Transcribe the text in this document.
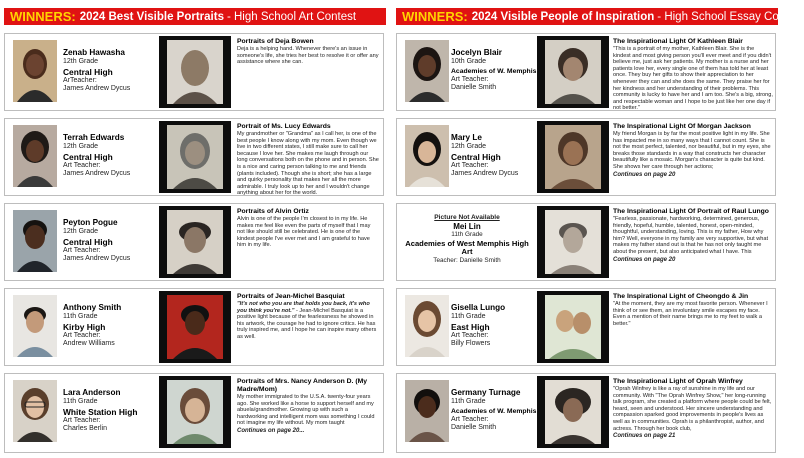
WINNERS: 2024 Best Visible Portraits - High School Art Contest
Zenab Hawasha
12th Grade
Central High
ArTeacher:
James Andrew Dycus
Portraits of Deja Bowen
Deja is a helping hand. Whenever there's an issue in someone's life, she tries her best to resolve it or offer any assistance where she can.
Terrah Edwards
12th Grade
Central High
Art Teacher:
James Andrew Dycus
Portrait of Ms. Lucy Edwards
My grandmother or "Grandma" as I call her, is one of the best people I know along with my mom. Even though we live in two different states, I still make sure to call her because I love her. She makes me laugh through our long conversations both on the phone and in person. She is a nice and caring person talking to me and friends (plants included). Though she is short; she has a large and quirky personality that makes her all the more admirable. I truly look up to her and I wouldn't change anything about her for the world.
Peyton Pogue
12th Grade
Central High
Art Teacher:
James Andrew Dycus
Portraits of Alvin Ortiz
Alvin is one of the people I'm closest to in my life. He makes me feel like even the parts of myself that I may not like should still be celebrated. He is one of the kindest people I've ever met and I am grateful to have him in my life.
Anthony Smith
11th Grade
Kirby High
Art Teacher:
Andrew Williams
Portraits of Jean-Michel Basquiat
"It's not who you are that holds you back, it's who you think you're not." - Jean-Michel Basquiat is a positive light because of the fearlessness he showed in his artwork, the courage he had to ignore critics. He has truly inspired me, and I hope he can inspire many others as well.
Lara Anderson
11th Grade
White Station High
Art Teacher:
Charles Berlin
Portraits of Mrs. Nancy Anderson D. (My Madre/Mom)
My mother immigrated to the U.S.A. twenty-four years ago. She worked like a horse to support herself and my abuela/grandmother. Growing up with such a hardworking and intelligent mom was something I could not imagine my life without. My mom taught
Continues on page 20...
WINNERS: 2024 Visible People of Inspiration - High School Essay Contest
Jocelyn Blair
10th Grade
Academies of W. Memphis
Art Teacher:
Danielle Smith
The Inspirational Light Of Kathleen Blair
"This is a portrait of my mother, Kathleen Blair. She is the kindest and most giving person you'll ever meet and if you didn't believe me, just ask her patients. My mother is a nurse and her patients love her, every single one of them has told her at least once. They buy her gifts to show their appreciation to her whenever they can and she does the same. They praise her for her kindness and her understanding of their problems. This community is lucky to have her and I am too. She's a big, strong, and respectable woman and I hope to be just like her one day if not better."
Mary Le
12th Grade
Central High
Art Teacher:
James Andrew Dycus
The Inspirational Light Of Morgan Jackson
My friend Morgan is by far the most positive light in my life. She has impacted me in so many ways that I cannot count. She is not the most perfect, talented, nor beautiful, but in my eyes, she breaks those standards in a way that constructs her character beautifully like a mosaic. Morgan's character is quite but kind. She shows her care through her actions;
Continues on page 20
Picture Not Available
Mei Lin
11th Grade
Academies of West Memphis High Art
Teacher: Danielle Smith
The Inspirational Light Of Portrait of Raul Lungo
"Fearless, passionate, hardworking, determined, generous, friendly, hopeful, humble, talented, honest, open-minded, thoughtful, understanding, loving. This is my father, How why him? Well, everyone in my family are very supportive, but what makes my father stand out is that he has not only taught me about the present, but also anticipated what I have. This
Continues on page 20
Gisella Lungo
11th Grade
East High
Art Teacher:
Billy Flowers
The Inspirational Light of Cheongdo & Jin
"At the moment, they are my most favorite person. Whenever I think of or see them, an involuntary smile escapes my face. Even a mention of their name brings me to my feet to walk a better."
Germany Turnage
11th Grade
Academies of W. Memphis
Art Teacher:
Danielle Smith
The Inspirational Light of Oprah Winfrey
"Oprah Winfrey is like a ray of sunshine in my life and our community. With "The Oprah Winfrey Show," her long-running talk program, she created a platform where people could be felt, heard, seen and understood. Her sincere understanding and compassion sparked good improvements in people's lives as well as in communities. Oprah is a philanthropist, author, and actress. Through her book club,
Continues on page 21
